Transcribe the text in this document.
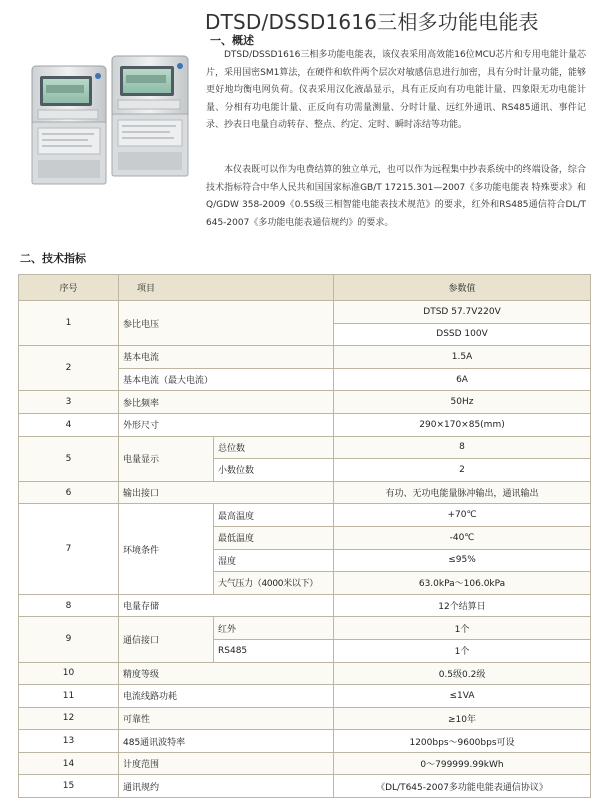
DTSD/DSSD1616三相多功能电能表
一、概述
DTSD/DSSD1616三相多功能电能表，该仪表采用高效能16位MCU芯片和专用电能计量芯片，采用国密SM1算法，在硬件和软件两个层次对敏感信息进行加密，具有分时计量功能，能够更好地均衡电网负荷。仪表采用汉化液晶显示，具有正反向有功电能计量、四象限无功电能计量、分相有功电能计量、正反向有功需量测量、分时计量、远红外通讯、RS485通讯、事件记录、抄表日电量自动转存、整点、约定、定时、瞬时冻结等功能。
本仪表既可以作为电费结算的独立单元，也可以作为远程集中抄表系统中的终端设备，综合技术指标符合中华人民共和国国家标准GB/T 17215.301—2007《多功能电能表 特殊要求》和Q/GDW 358-2009《0.5S级三相智能电能表技术规范》的要求，红外和RS485通信符合DL/T 645-2007《多功能电能表通信规约》的要求。
二、技术指标
序号	项目		参数值
1	参比电压		DTSD 57.7V220V
			DSSD 100V
2	基本电流		1.5A
	基本电流（最大电流）		6A
3	参比频率		50Hz
4	外形尺寸		290×170×85(mm)
5	电量显示	总位数	8
		小数位数	2
6	输出接口		有功、无功电能量脉冲输出，通讯输出
7	环境条件	最高温度	+70℃
		最低温度	-40℃
		湿度	≤95%
		大气压力（4000米以下）	63.0kPa～106.0kPa
8	电量存储		12个结算日
9	通信接口	红外	1个
		RS485	1个
10	精度等级		0.5级0.2级
11	电流线路功耗		≤1VA
12	可靠性		≥10年
13	485通讯波特率		1200bps～9600bps可设
14	计度范围		0～799999.99kWh
15	通讯规约		《DL/T645-2007多功能电能表通信协议》
